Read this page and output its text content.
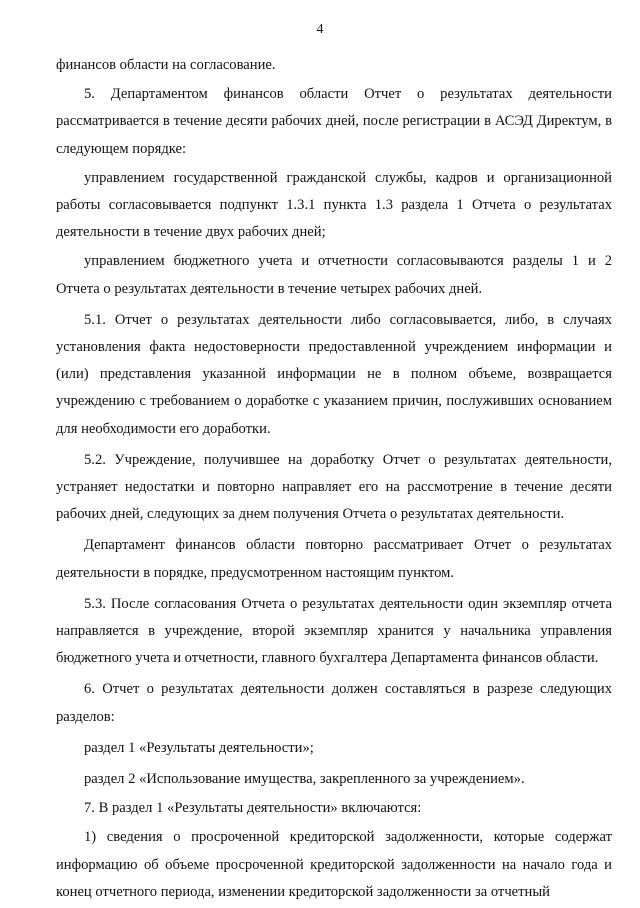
4

финансов области на согласование.

5. Департаментом финансов области Отчет о результатах деятельности рассматривается в течение десяти рабочих дней, после регистрации в АСЭД Директум, в следующем порядке:

управлением государственной гражданской службы, кадров и организационной работы согласовывается подпункт 1.3.1 пункта 1.3 раздела 1 Отчета о результатах деятельности в течение двух рабочих дней;

управлением бюджетного учета и отчетности согласовываются разделы 1 и 2 Отчета о результатах деятельности в течение четырех рабочих дней.

5.1. Отчет о результатах деятельности либо согласовывается, либо, в случаях установления факта недостоверности предоставленной учреждением информации и (или) представления указанной информации не в полном объеме, возвращается учреждению с требованием о доработке с указанием причин, послуживших основанием для необходимости его доработки.

5.2. Учреждение, получившее на доработку Отчет о результатах деятельности, устраняет недостатки и повторно направляет его на рассмотрение в течение десяти рабочих дней, следующих за днем получения Отчета о результатах деятельности.

Департамент финансов области повторно рассматривает Отчет о результатах деятельности в порядке, предусмотренном настоящим пунктом.

5.3. После согласования Отчета о результатах деятельности один экземпляр отчета направляется в учреждение, второй экземпляр хранится у начальника управления бюджетного учета и отчетности, главного бухгалтера Департамента финансов области.

6. Отчет о результатах деятельности должен составляться в разрезе следующих разделов:

раздел 1 «Результаты деятельности»;

раздел 2 «Использование имущества, закрепленного за учреждением».

7. В раздел 1 «Результаты деятельности» включаются:

1) сведения о просроченной кредиторской задолженности, которые содержат информацию об объеме просроченной кредиторской задолженности на начало года и конец отчетного периода, изменении кредиторской задолженности за отчетный
